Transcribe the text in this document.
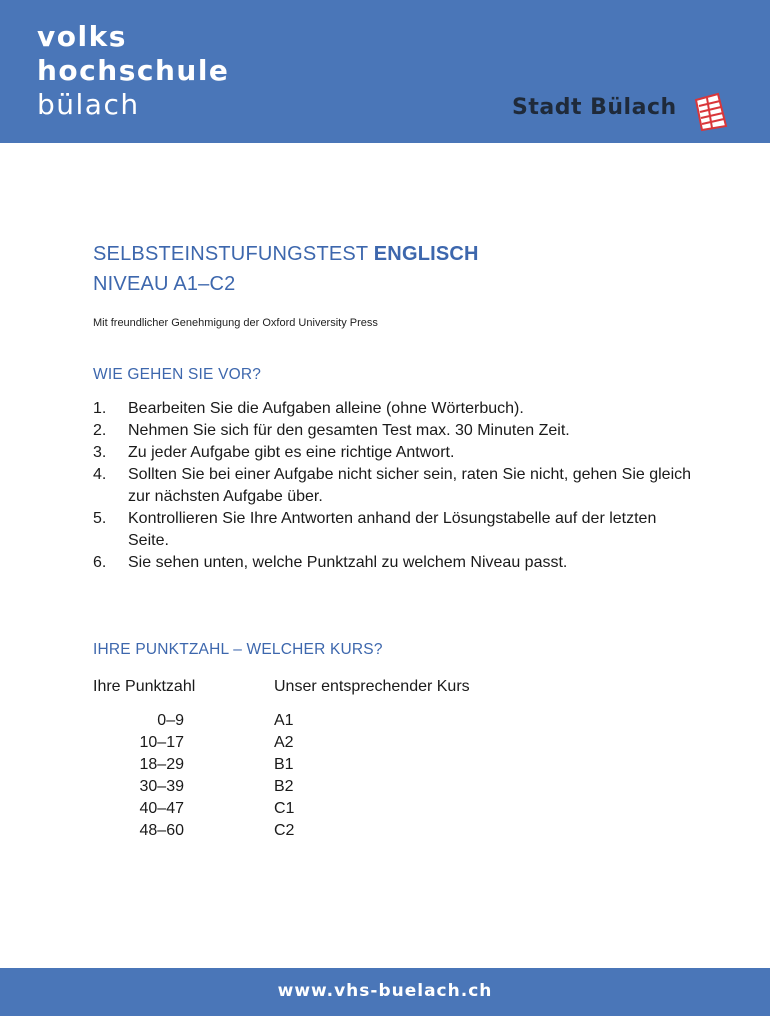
volks
hochschule
bülach	Stadt Bülach
SELBSTEINSTUFUNGSTEST ENGLISCH
NIVEAU A1–C2
Mit freundlicher Genehmigung der Oxford University Press
WIE GEHEN SIE VOR?
1. Bearbeiten Sie die Aufgaben alleine (ohne Wörterbuch).
2. Nehmen Sie sich für den gesamten Test max. 30 Minuten Zeit.
3. Zu jeder Aufgabe gibt es eine richtige Antwort.
4. Sollten Sie bei einer Aufgabe nicht sicher sein, raten Sie nicht, gehen Sie gleich zur nächsten Aufgabe über.
5. Kontrollieren Sie Ihre Antworten anhand der Lösungstabelle auf der letzten Seite.
6. Sie sehen unten, welche Punktzahl zu welchem Niveau passt.
IHRE PUNKTZAHL – WELCHER KURS?
Ihre Punktzahl	Unser entsprechender Kurs
0–9	A1
10–17	A2
18–29	B1
30–39	B2
40–47	C1
48–60	C2
www.vhs-buelach.ch
